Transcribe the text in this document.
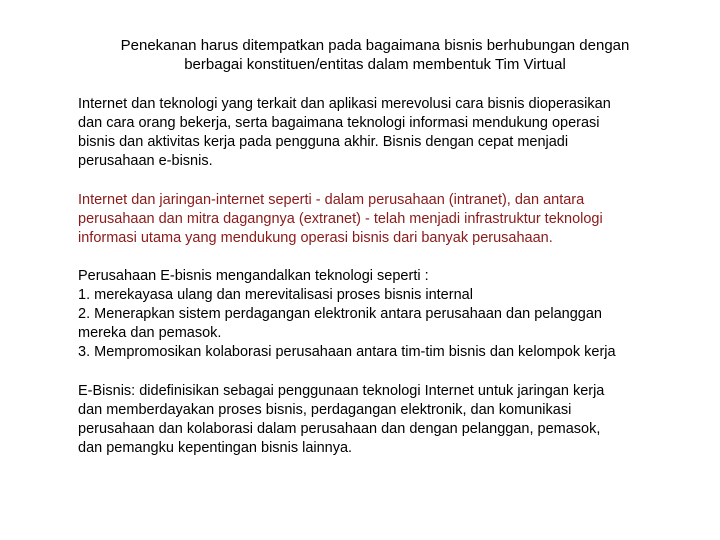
Penekanan harus ditempatkan pada bagaimana bisnis berhubungan dengan
berbagai konstituen/entitas dalam membentuk Tim Virtual

Internet dan teknologi yang terkait dan aplikasi merevolusi cara bisnis dioperasikan
dan cara orang bekerja, serta bagaimana teknologi informasi mendukung operasi
bisnis dan aktivitas kerja pada pengguna akhir. Bisnis dengan cepat menjadi
perusahaan e-bisnis.

Internet dan jaringan-internet seperti - dalam perusahaan (intranet), dan antara
perusahaan dan mitra dagangnya (extranet) - telah menjadi infrastruktur teknologi
informasi utama yang mendukung operasi bisnis dari banyak perusahaan.

Perusahaan E-bisnis mengandalkan teknologi seperti :
1. merekayasa ulang dan merevitalisasi proses bisnis internal
2. Menerapkan sistem perdagangan elektronik antara perusahaan dan pelanggan
mereka dan pemasok.
3. Mempromosikan kolaborasi perusahaan antara tim-tim bisnis dan kelompok kerja

E-Bisnis: didefinisikan sebagai penggunaan teknologi Internet untuk jaringan kerja
dan memberdayakan proses bisnis, perdagangan elektronik, dan komunikasi
perusahaan dan kolaborasi dalam perusahaan dan dengan pelanggan, pemasok,
dan pemangku kepentingan bisnis lainnya.
